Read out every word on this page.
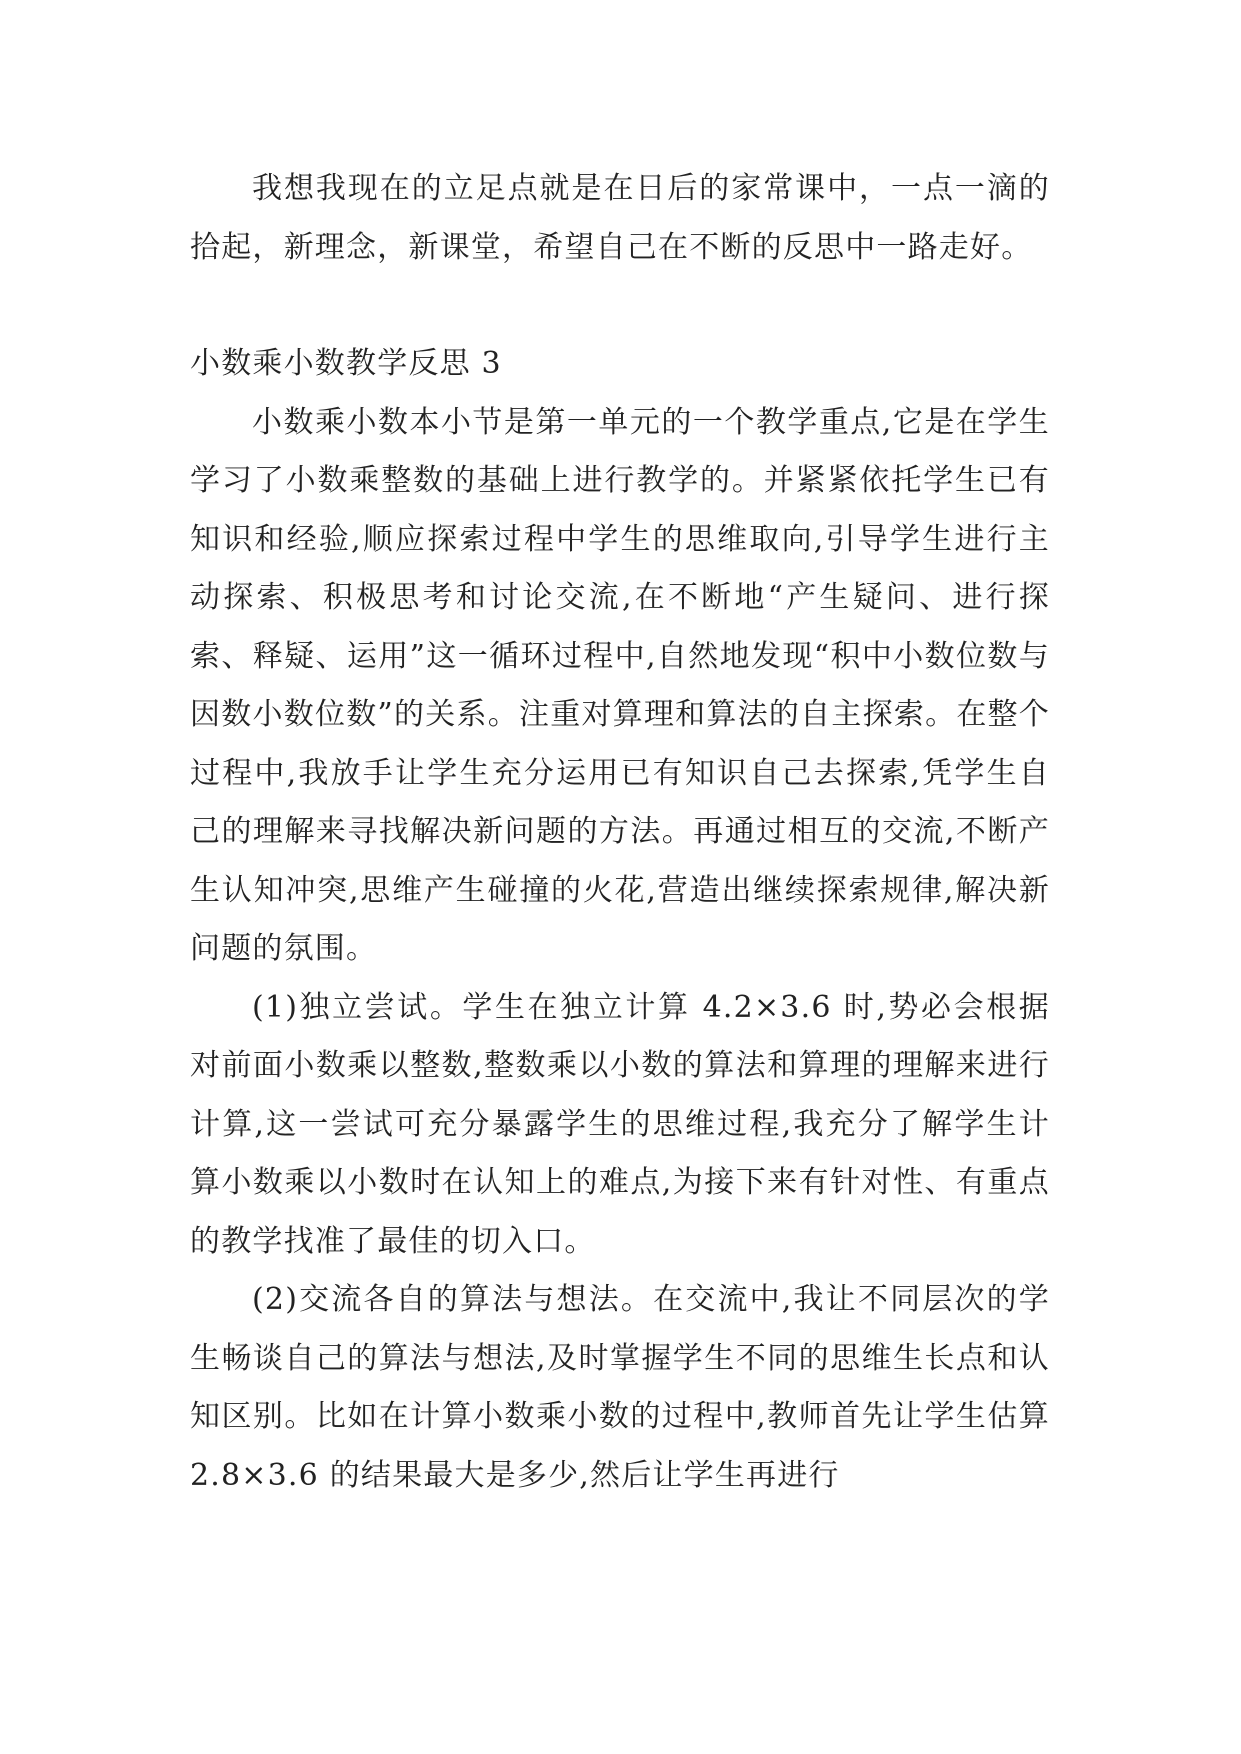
我想我现在的立足点就是在日后的家常课中，一点一滴的拾起，新理念，新课堂，希望自己在不断的反思中一路走好。

小数乘小数教学反思 3

小数乘小数本小节是第一单元的一个教学重点,它是在学生学习了小数乘整数的基础上进行教学的。并紧紧依托学生已有知识和经验,顺应探索过程中学生的思维取向,引导学生进行主动探索、积极思考和讨论交流,在不断地“产生疑问、进行探索、释疑、运用”这一循环过程中,自然地发现“积中小数位数与因数小数位数”的关系。注重对算理和算法的自主探索。在整个过程中,我放手让学生充分运用已有知识自己去探索,凭学生自己的理解来寻找解决新问题的方法。再通过相互的交流,不断产生认知冲突,思维产生碰撞的火花,营造出继续探索规律,解决新问题的氛围。

(1)独立尝试。学生在独立计算 4.2×3.6 时,势必会根据对前面小数乘以整数,整数乘以小数的算法和算理的理解来进行计算,这一尝试可充分暴露学生的思维过程,我充分了解学生计算小数乘以小数时在认知上的难点,为接下来有针对性、有重点的教学找准了最佳的切入口。

(2)交流各自的算法与想法。在交流中,我让不同层次的学生畅谈自己的算法与想法,及时掌握学生不同的思维生长点和认知区别。比如在计算小数乘小数的过程中,教师首先让学生估算 2.8×3.6 的结果最大是多少,然后让学生再进行
